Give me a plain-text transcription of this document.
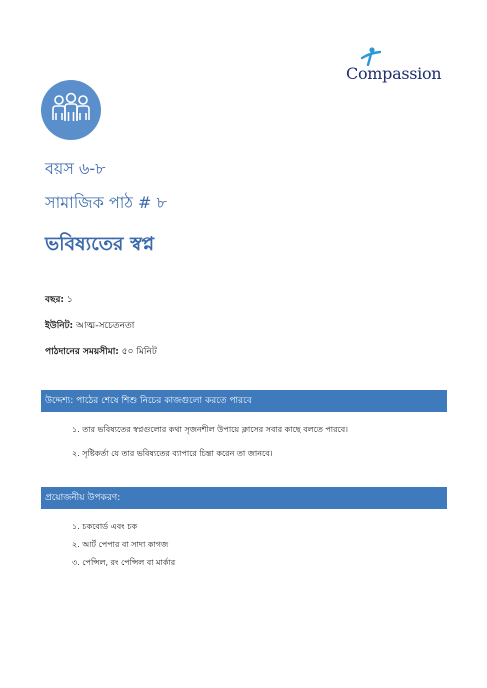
Compassion
বয়স ৬-৮
সামাজিক পাঠ # ৮
ভবিষ্যতের স্বপ্ন
বছর: ১
ইউনিট: আত্ম-সচেতনতা
পাঠদানের সময়সীমা: ৫০ মিনিট
উদ্দেশ্য: পাঠের শেষে শিশু নিচের কাজগুলো করতে পারবে
১. তার ভবিষ্যতের স্বপ্নগুলোর কথা সৃজনশীল উপায়ে ক্লাসের সবার কাছে বলতে পারবে।
২. সৃষ্টিকর্তা যে তার ভবিষ্যতের ব্যাপারে চিন্তা করেন তা জানবে।
প্রয়োজনীয় উপকরণ:
১. চকবোর্ড এবং চক
২. আর্ট পেপার বা সাদা কাগজ
৩. পেন্সিল, রং পেন্সিল বা মার্কার
